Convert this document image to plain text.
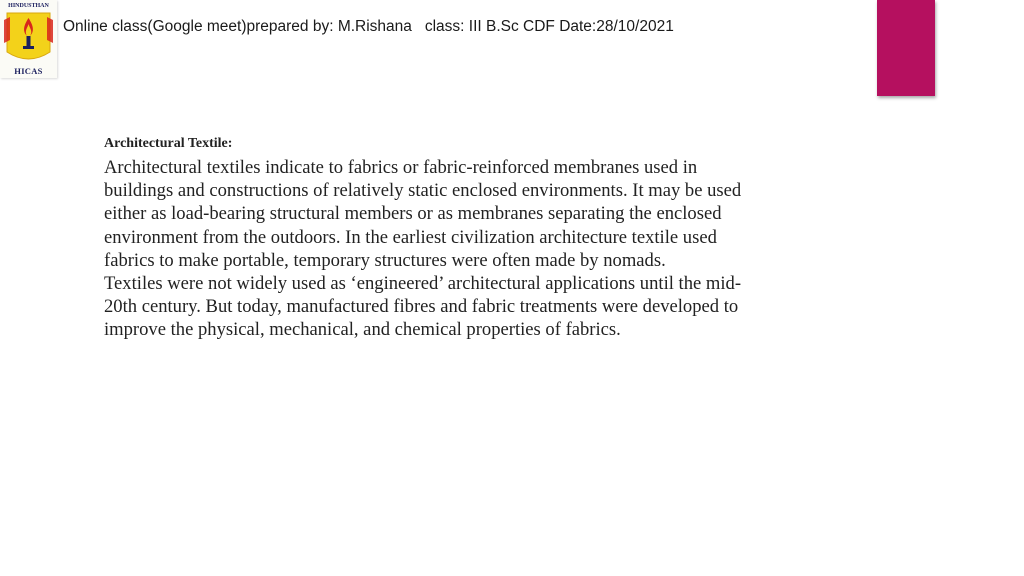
HINDUSTHAN
HICAS
Online class(Google meet)prepared by: M.Rishana   class: III B.Sc CDF Date:28/10/2021
Architectural Textile:

Architectural textiles indicate to fabrics or fabric-reinforced membranes used in buildings and constructions of relatively static enclosed environments. It may be used either as load-bearing structural members or as membranes separating the enclosed environment from the outdoors. In the earliest civilization architecture textile used fabrics to make portable, temporary structures were often made by nomads.

Textiles were not widely used as ‘engineered’ architectural applications until the mid-20th century. But today, manufactured fibres and fabric treatments were developed to improve the physical, mechanical, and chemical properties of fabrics.
